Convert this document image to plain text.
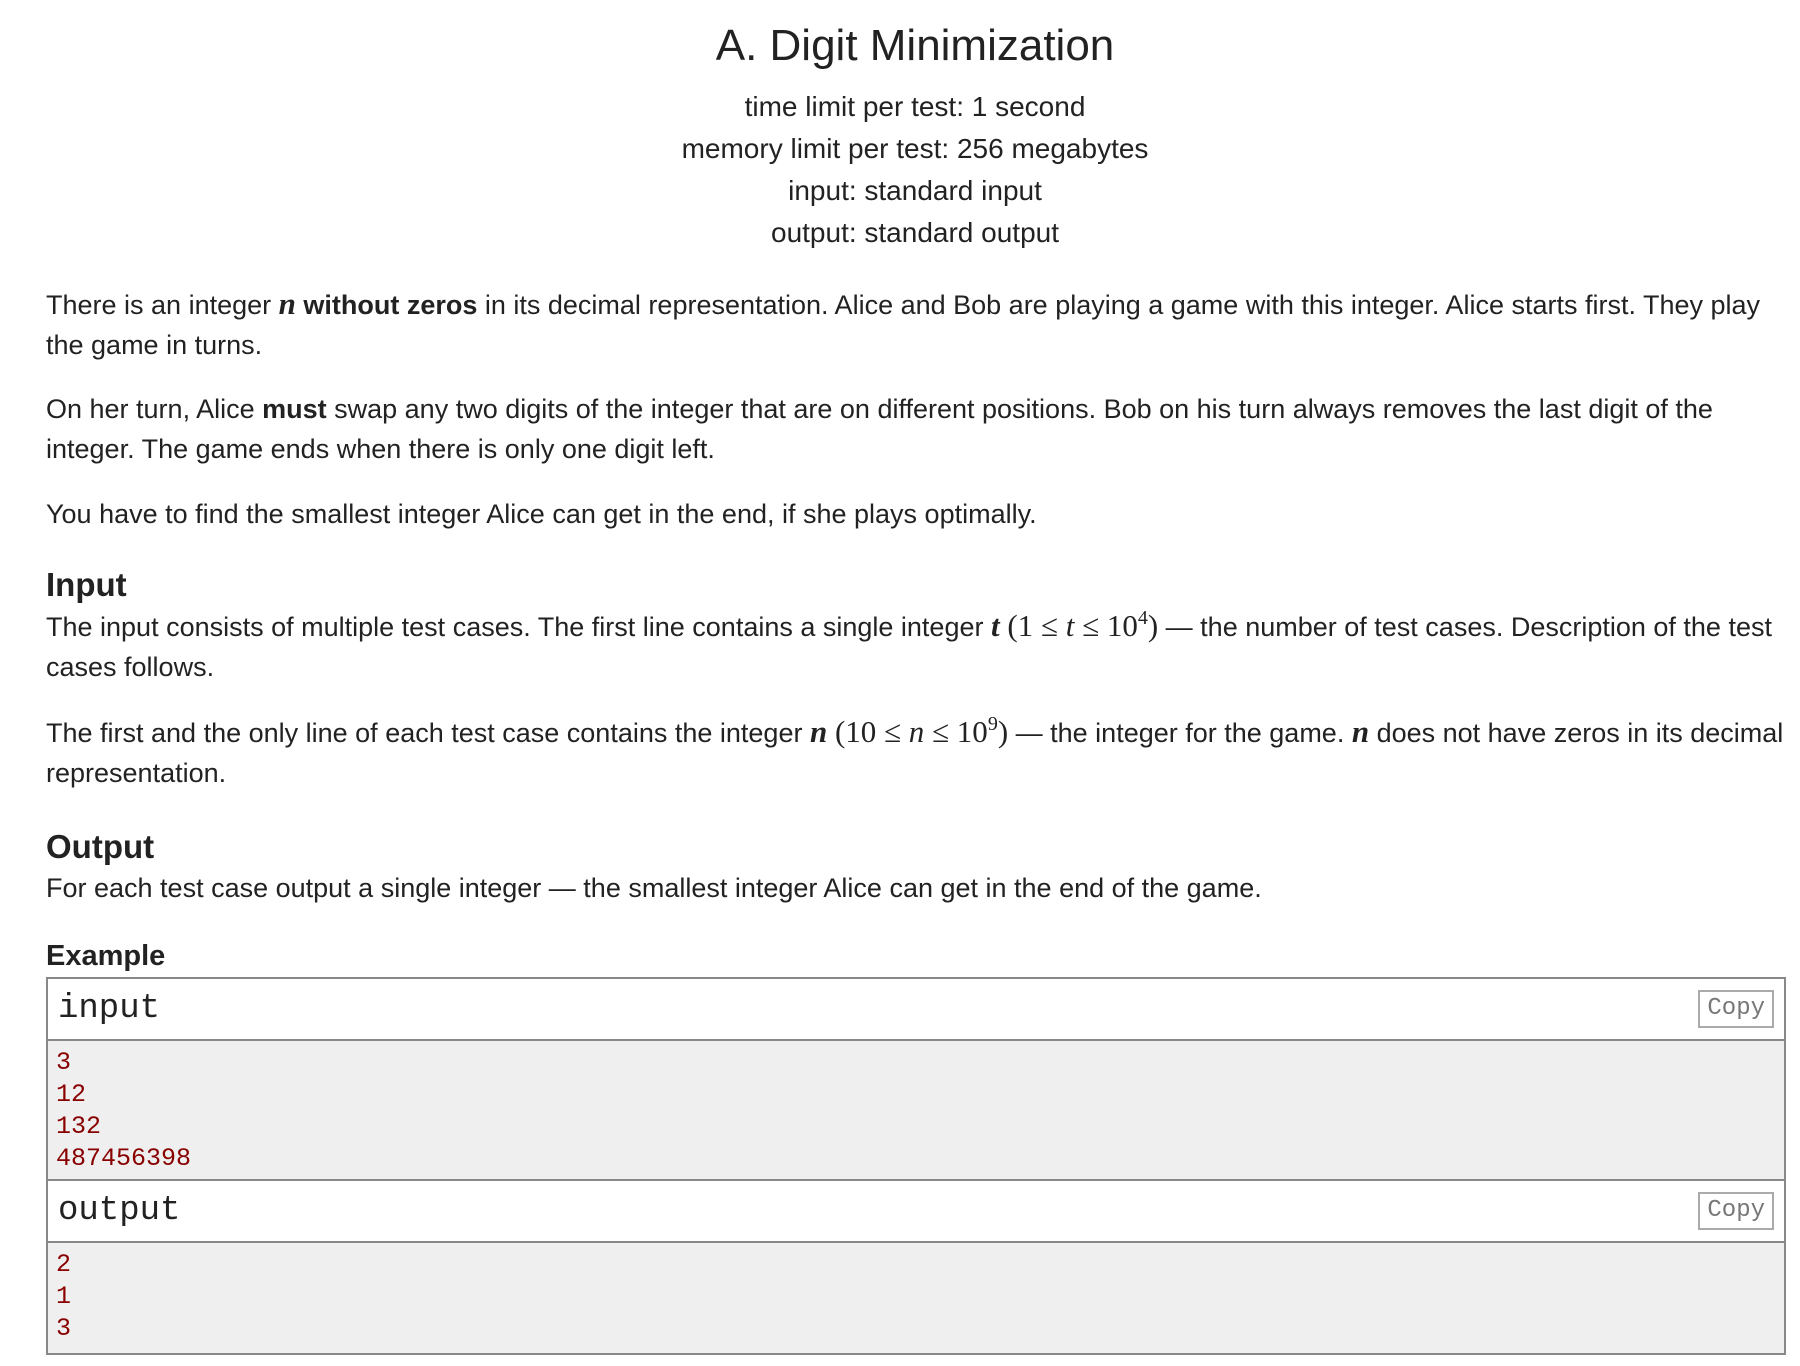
A. Digit Minimization
time limit per test: 1 second
memory limit per test: 256 megabytes
input: standard input
output: standard output

There is an integer n without zeros in its decimal representation. Alice and Bob are playing a game with this integer. Alice starts first. They play the game in turns.

On her turn, Alice must swap any two digits of the integer that are on different positions. Bob on his turn always removes the last digit of the integer. The game ends when there is only one digit left.

You have to find the smallest integer Alice can get in the end, if she plays optimally.

Input

The input consists of multiple test cases. The first line contains a single integer t $(1 \le t \le 10^4)$ — the number of test cases. Description of the test cases follows.

The first and the only line of each test case contains the integer n $(10 \le n \le 10^9)$ — the integer for the game. n does not have zeros in its decimal representation.

Output

For each test case output a single integer — the smallest integer Alice can get in the end of the game.

Example
input	Copy
3
12
132
487456398
output	Copy
2
1
3
